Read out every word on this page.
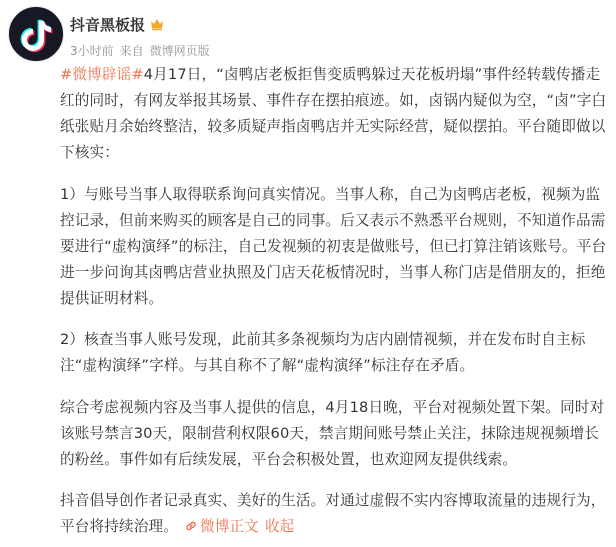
抖音黑板报
3小时前 来自 微博网页版

#微博辟谣#4月17日，“卤鸭店老板拒售变质鸭躲过天花板坍塌”事件经转载传播走红的同时，有网友举报其场景、事件存在摆拍痕迹。如，卤锅内疑似为空，“卤”字白纸张贴月余始终整洁，较多质疑声指卤鸭店并无实际经营，疑似摆拍。平台随即做以下核实：

1）与账号当事人取得联系询问真实情况。当事人称，自己为卤鸭店老板，视频为监控记录，但前来购买的顾客是自己的同事。后又表示不熟悉平台规则，不知道作品需要进行“虚构演绎”的标注，自己发视频的初衷是做账号，但已打算注销该账号。平台进一步问询其卤鸭店营业执照及门店天花板情况时，当事人称门店是借朋友的，拒绝提供证明材料。

2）核查当事人账号发现，此前其多条视频均为店内剧情视频，并在发布时自主标注“虚构演绎”字样。与其自称不了解“虚构演绎”标注存在矛盾。

综合考虑视频内容及当事人提供的信息，4月18日晚，平台对视频处置下架。同时对该账号禁言30天，限制营利权限60天，禁言期间账号禁止关注，抹除违规视频增长的粉丝。事件如有后续发展，平台会积极处置，也欢迎网友提供线索。

抖音倡导创作者记录真实、美好的生活。对通过虚假不实内容博取流量的违规行为，平台将持续治理。 微博正文 收起
